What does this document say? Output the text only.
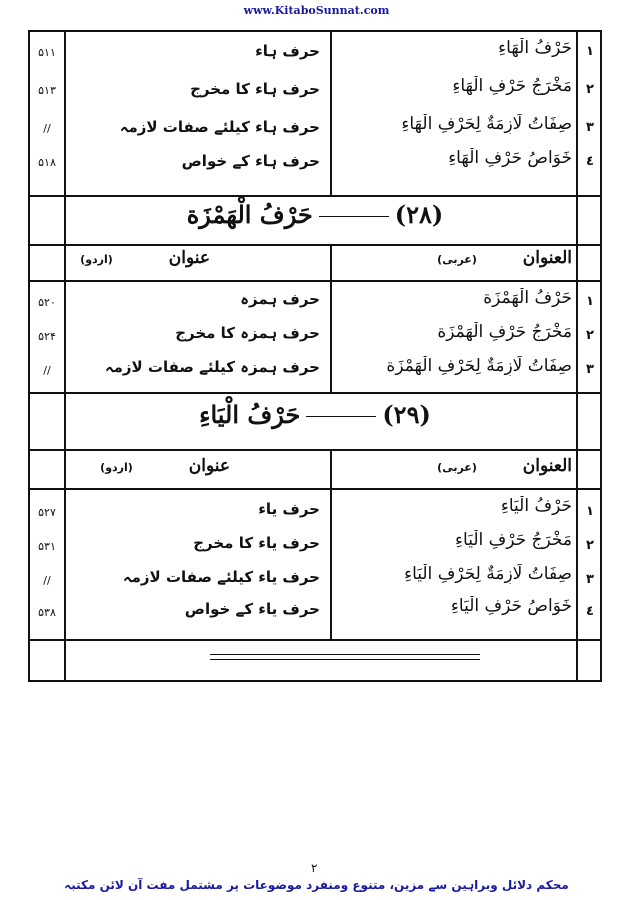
www.KitaboSunnat.com
١
حَرْفُ الْهَاءِ
حرف ہاء
۵۱۱
٢
مَخْرَجُ حَرْفِ الْهَاءِ
حرف ہاء کا مخرج
۵۱۳
٣
صِفَاتُ لَازِمَةٌ لِحَرْفِ الْهَاءِ
حرف ہاء کیلئے صفات لازمہ
//
٤
خَوَاصُ حَرْفِ الْهَاءِ
حرف ہاء کے خواص
۵۱۸
(۲۸)حَرْفُ الْهَمْزَة
العنوان (عربی)
عنوان (اردو)
١
حَرْفُ الْهَمْزَة
حرف ہمزہ
۵۲۰
٢
مَخْرَجُ حَرْفِ الْهَمْزَة
حرف ہمزہ کا مخرج
۵۲۴
٣
صِفَاتُ لَازِمَةٌ لِحَرْفِ الْهَمْزَة
حرف ہمزہ کیلئے صفات لازمہ
//
(۲۹)حَرْفُ الْيَاءِ
العنوان (عربی)
عنوان (اردو)
١
حَرْفُ الْيَاءِ
حرف یاء
۵۲۷
٢
مَخْرَجُ حَرْفِ الْيَاءِ
حرف یاء کا مخرج
۵۳۱
٣
صِفَاتُ لَازِمَةٌ لِحَرْفِ الْيَاءِ
حرف یاء کیلئے صفات لازمہ
//
٤
خَوَاصُ حَرْفِ الْيَاءِ
حرف یاء کے خواص
۵۳۸
٢
محکم دلائل وبراہین سے مزین، متنوع ومنفرد موضوعات پر مشتمل مفت آن لائن مکتبہ
